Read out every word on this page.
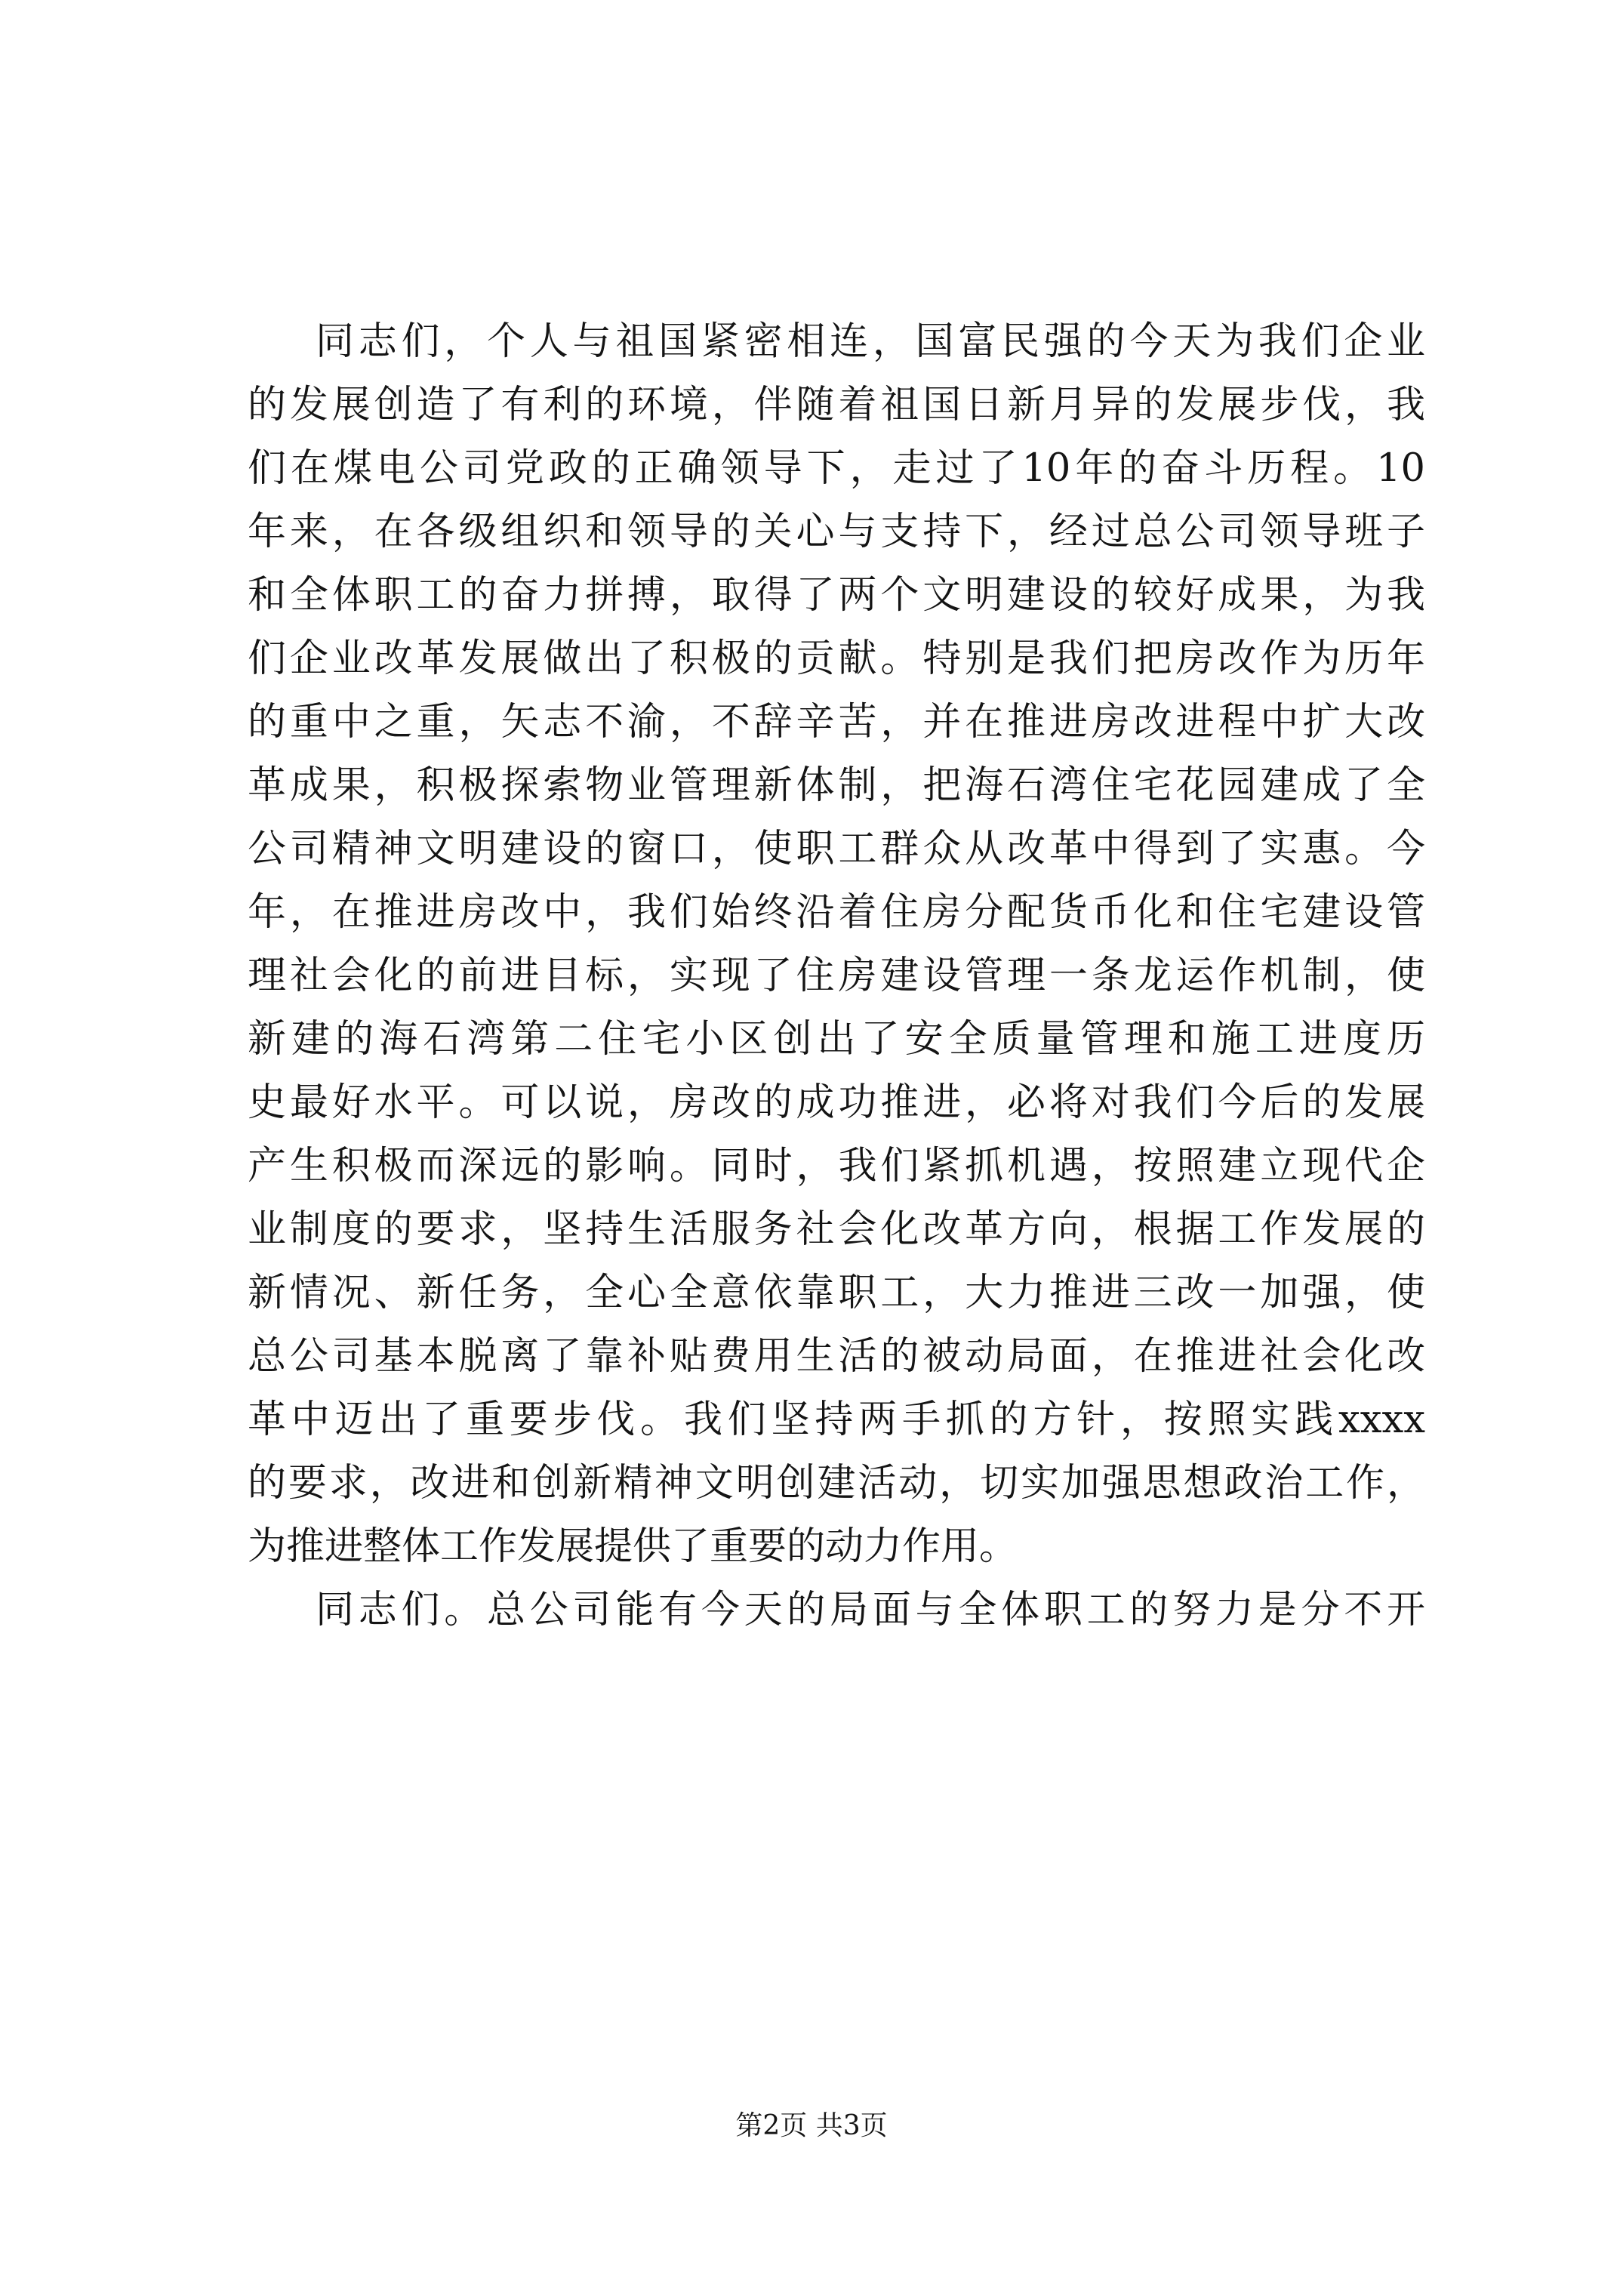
同志们，个人与祖国紧密相连，国富民强的今天为我们企业
的发展创造了有利的环境，伴随着祖国日新月异的发展步伐，我
们在煤电公司党政的正确领导下，走过了10年的奋斗历程。10
年来，在各级组织和领导的关心与支持下，经过总公司领导班子
和全体职工的奋力拼搏，取得了两个文明建设的较好成果，为我
们企业改革发展做出了积极的贡献。特别是我们把房改作为历年
的重中之重，矢志不渝，不辞辛苦，并在推进房改进程中扩大改
革成果，积极探索物业管理新体制，把海石湾住宅花园建成了全
公司精神文明建设的窗口，使职工群众从改革中得到了实惠。今
年，在推进房改中，我们始终沿着住房分配货币化和住宅建设管
理社会化的前进目标，实现了住房建设管理一条龙运作机制，使
新建的海石湾第二住宅小区创出了安全质量管理和施工进度历
史最好水平。可以说，房改的成功推进，必将对我们今后的发展
产生积极而深远的影响。同时，我们紧抓机遇，按照建立现代企
业制度的要求，坚持生活服务社会化改革方向，根据工作发展的
新情况、新任务，全心全意依靠职工，大力推进三改一加强，使
总公司基本脱离了靠补贴费用生活的被动局面，在推进社会化改
革中迈出了重要步伐。我们坚持两手抓的方针，按照实践xxxx
的要求，改进和创新精神文明创建活动，切实加强思想政治工作，
为推进整体工作发展提供了重要的动力作用。
同志们。总公司能有今天的局面与全体职工的努力是分不开
第2页 共3页
